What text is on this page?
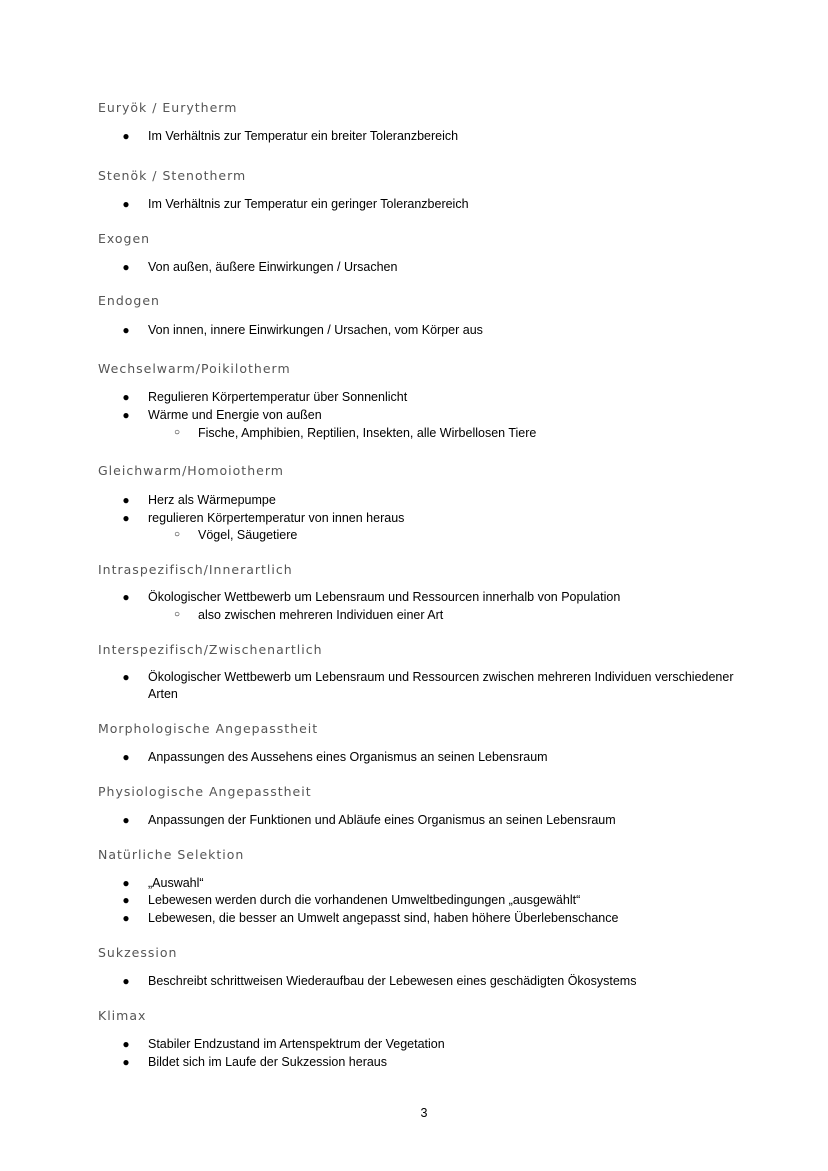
Euryök / Eurytherm
● Im Verhältnis zur Temperatur ein breiter Toleranzbereich
Stenök / Stenotherm
● Im Verhältnis zur Temperatur ein geringer Toleranzbereich
Exogen
● Von außen, äußere Einwirkungen / Ursachen
Endogen
● Von innen, innere Einwirkungen / Ursachen, vom Körper aus
Wechselwarm/Poikilotherm
● Regulieren Körpertemperatur über Sonnenlicht
● Wärme und Energie von außen
○ Fische, Amphibien, Reptilien, Insekten, alle Wirbellosen Tiere
Gleichwarm/Homoiotherm
● Herz als Wärmepumpe
● regulieren Körpertemperatur von innen heraus
○ Vögel, Säugetiere
Intraspezifisch/Innerartlich
● Ökologischer Wettbewerb um Lebensraum und Ressourcen innerhalb von Population
○ also zwischen mehreren Individuen einer Art
Interspezifisch/Zwischenartlich
● Ökologischer Wettbewerb um Lebensraum und Ressourcen zwischen mehreren Individuen verschiedener
Arten
Morphologische Angepasstheit
● Anpassungen des Aussehens eines Organismus an seinen Lebensraum
Physiologische Angepasstheit
● Anpassungen der Funktionen und Abläufe eines Organismus an seinen Lebensraum
Natürliche Selektion
● „Auswahl“
● Lebewesen werden durch die vorhandenen Umweltbedingungen „ausgewählt“
● Lebewesen, die besser an Umwelt angepasst sind, haben höhere Überlebenschance
Sukzession
● Beschreibt schrittweisen Wiederaufbau der Lebewesen eines geschädigten Ökosystems
Klimax
● Stabiler Endzustand im Artenspektrum der Vegetation
● Bildet sich im Laufe der Sukzession heraus
3
